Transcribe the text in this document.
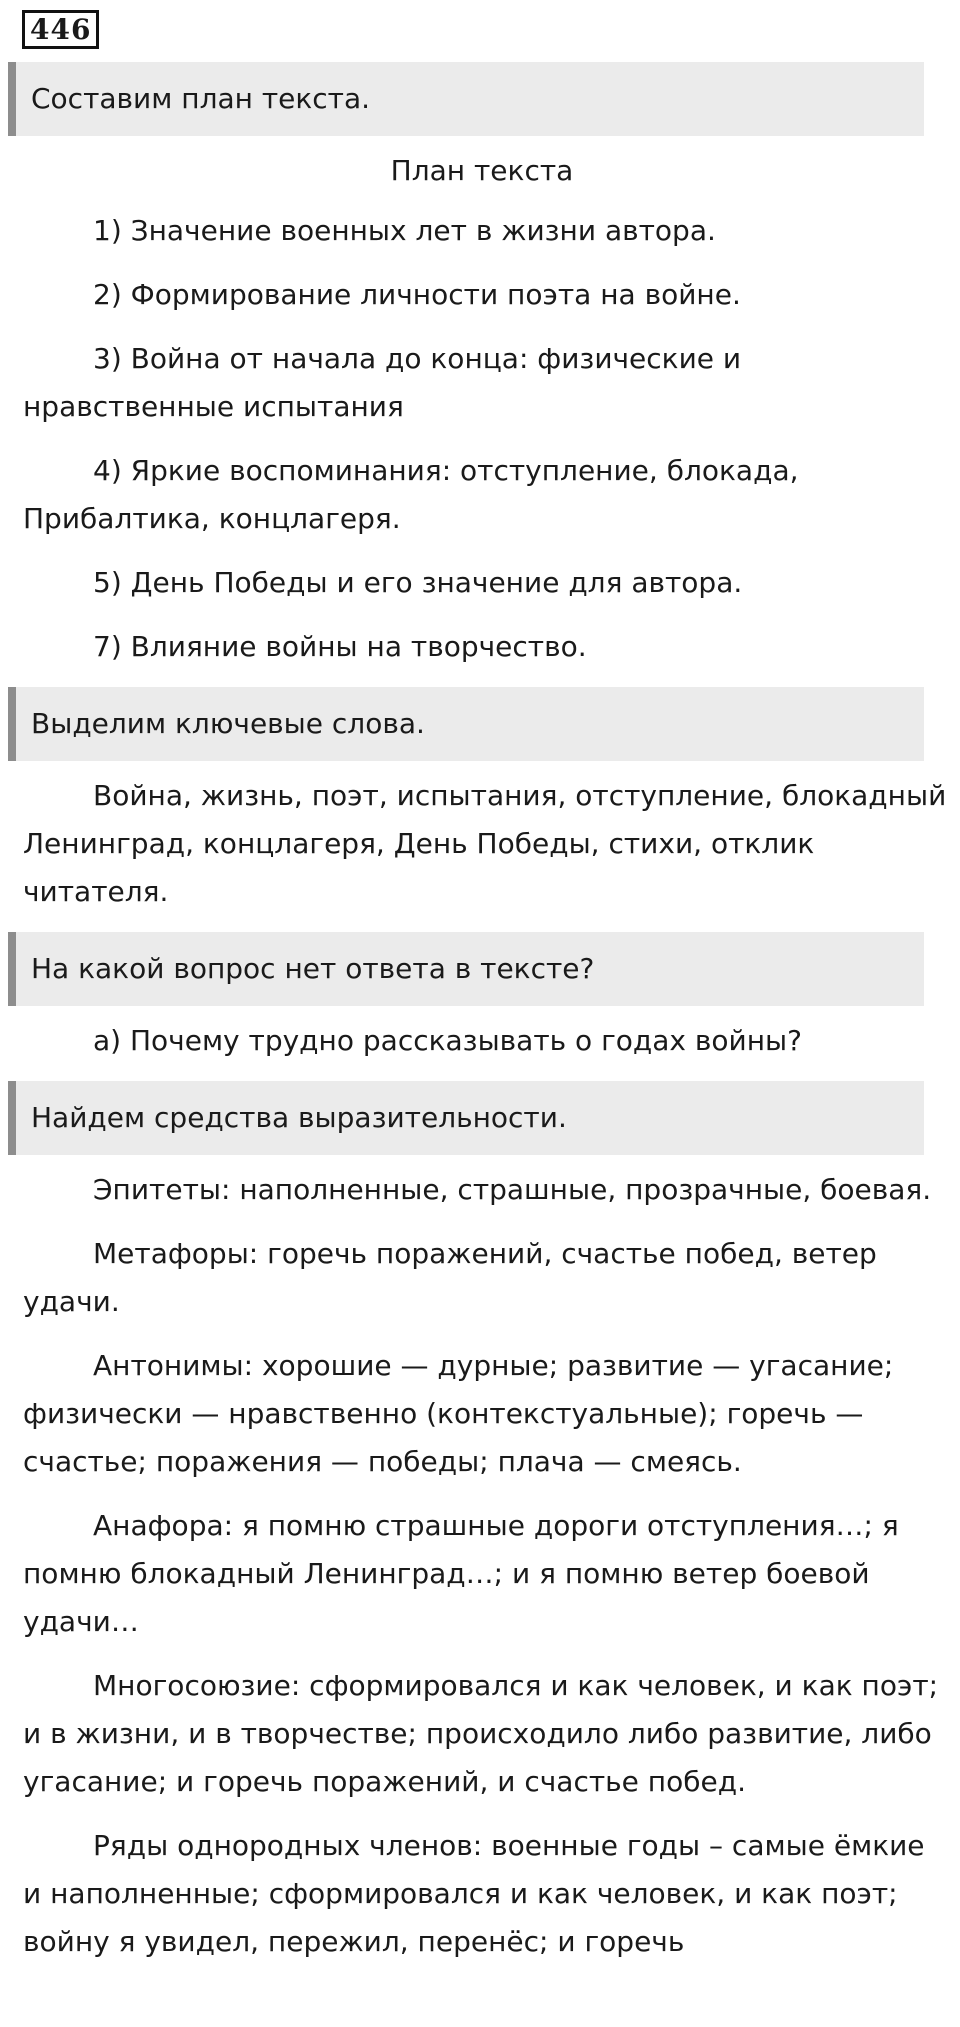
446
Составим план текста.
План текста

1) Значение военных лет в жизни автора.

2) Формирование личности поэта на войне.

3) Война от начала до конца: физические и нравственные испытания

4) Яркие воспоминания: отступление, блокада, Прибалтика, концлагеря.

5) День Победы и его значение для автора.

7) Влияние войны на творчество.

Выделим ключевые слова.

Война, жизнь, поэт, испытания, отступление, блокадный Ленинград, концлагеря, День Победы, стихи, отклик читателя.

На какой вопрос нет ответа в тексте?

а) Почему трудно рассказывать о годах войны?

Найдем средства выразительности.

Эпитеты: наполненные, страшные, прозрачные, боевая.

Метафоры: горечь поражений, счастье побед, ветер удачи.

Антонимы: хорошие — дурные; развитие — угасание; физически — нравственно (контекстуальные); горечь — счастье; поражения — победы; плача — смеясь.

Анафора: я помню страшные дороги отступления…; я помню блокадный Ленинград…; и я помню ветер боевой удачи…

Многосоюзие: сформировался и как человек, и как поэт; и в жизни, и в творчестве; происходило либо развитие, либо угасание; и горечь поражений, и счастье побед.

Ряды однородных членов: военные годы – самые ёмкие и наполненные; сформировался и как человек, и как поэт; войну я увидел, пережил, перенёс; и горечь
